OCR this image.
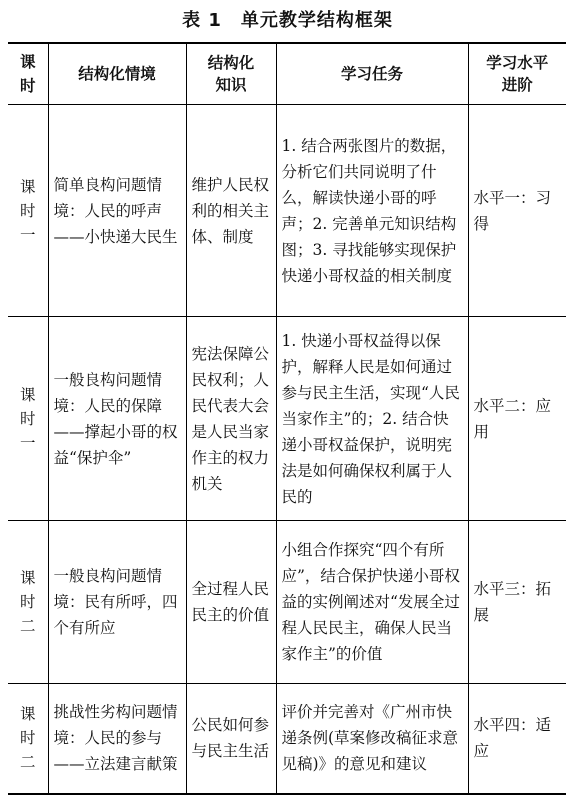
表 1　单元教学结构框架
课时	结构化情境	结构化知识	学习任务	学习水平进阶

课时一	简单良构问题情境：人民的呼声——小快递大民生	维护人民权利的相关主体、制度	1. 结合两张图片的数据，分析它们共同说明了什么，解读快递小哥的呼声；2. 完善单元知识结构图；3. 寻找能够实现保护快递小哥权益的相关制度	水平一：习得

课时一	一般良构问题情境：人民的保障——撑起小哥的权益“保护伞”	宪法保障公民权利；人民代表大会是人民当家作主的权力机关	1. 快递小哥权益得以保护，解释人民是如何通过参与民主生活，实现“人民当家作主”的；2. 结合快递小哥权益保护，说明宪法是如何确保权利属于人民的	水平二：应用

课时二	一般良构问题情境：民有所呼，四个有所应	全过程人民民主的价值	小组合作探究“四个有所应”，结合保护快递小哥权益的实例阐述对“发展全过程人民民主，确保人民当家作主”的价值	水平三：拓展

课时二	挑战性劣构问题情境：人民的参与——立法建言献策	公民如何参与民主生活	评价并完善对《广州市快递条例(草案修改稿征求意见稿)》的意见和建议	水平四：适应
